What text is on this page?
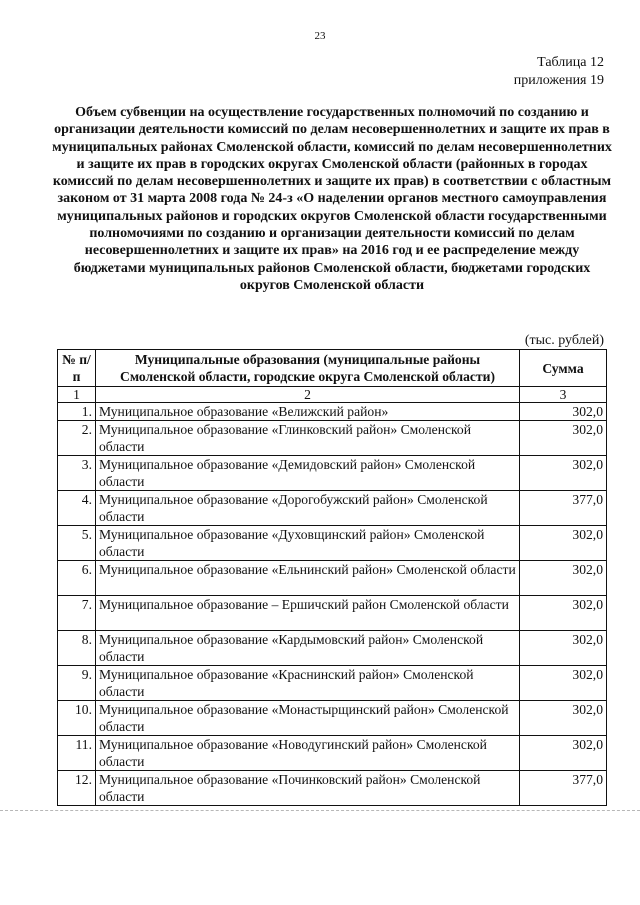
23
Таблица 12
приложения 19
Объем субвенции на осуществление государственных полномочий по созданию и организации деятельности комиссий по делам несовершеннолетних и защите их прав в муниципальных районах Смоленской области, комиссий по делам несовершеннолетних и защите их прав в городских округах Смоленской области (районных в городах комиссий по делам несовершеннолетних и защите их прав) в соответствии с областным законом от 31 марта 2008 года № 24-з «О наделении органов местного самоуправления муниципальных районов и городских округов Смоленской области государственными полномочиями по созданию и организации деятельности комиссий по делам несовершеннолетних и защите их прав» на 2016 год и ее распределение между бюджетами муниципальных районов Смоленской области, бюджетами городских округов Смоленской области
(тыс. рублей)
№ п/п	Муниципальные образования (муниципальные районы Смоленской области, городские округа Смоленской области)	Сумма
1	2	3
1.	Муниципальное образование «Велижский район»	302,0
2.	Муниципальное образование «Глинковский район» Смоленской области	302,0
3.	Муниципальное образование «Демидовский район» Смоленской области	302,0
4.	Муниципальное образование «Дорогобужский район» Смоленской области	377,0
5.	Муниципальное образование «Духовщинский район» Смоленской области	302,0
6.	Муниципальное образование «Ельнинский район» Смоленской области	302,0
7.	Муниципальное образование – Ершичский район Смоленской области	302,0
8.	Муниципальное образование «Кардымовский район» Смоленской области	302,0
9.	Муниципальное образование «Краснинский район» Смоленской области	302,0
10.	Муниципальное образование «Монастырщинский район» Смоленской области	302,0
11.	Муниципальное образование «Новодугинский район» Смоленской области	302,0
12.	Муниципальное образование «Починковский район» Смоленской области	377,0
